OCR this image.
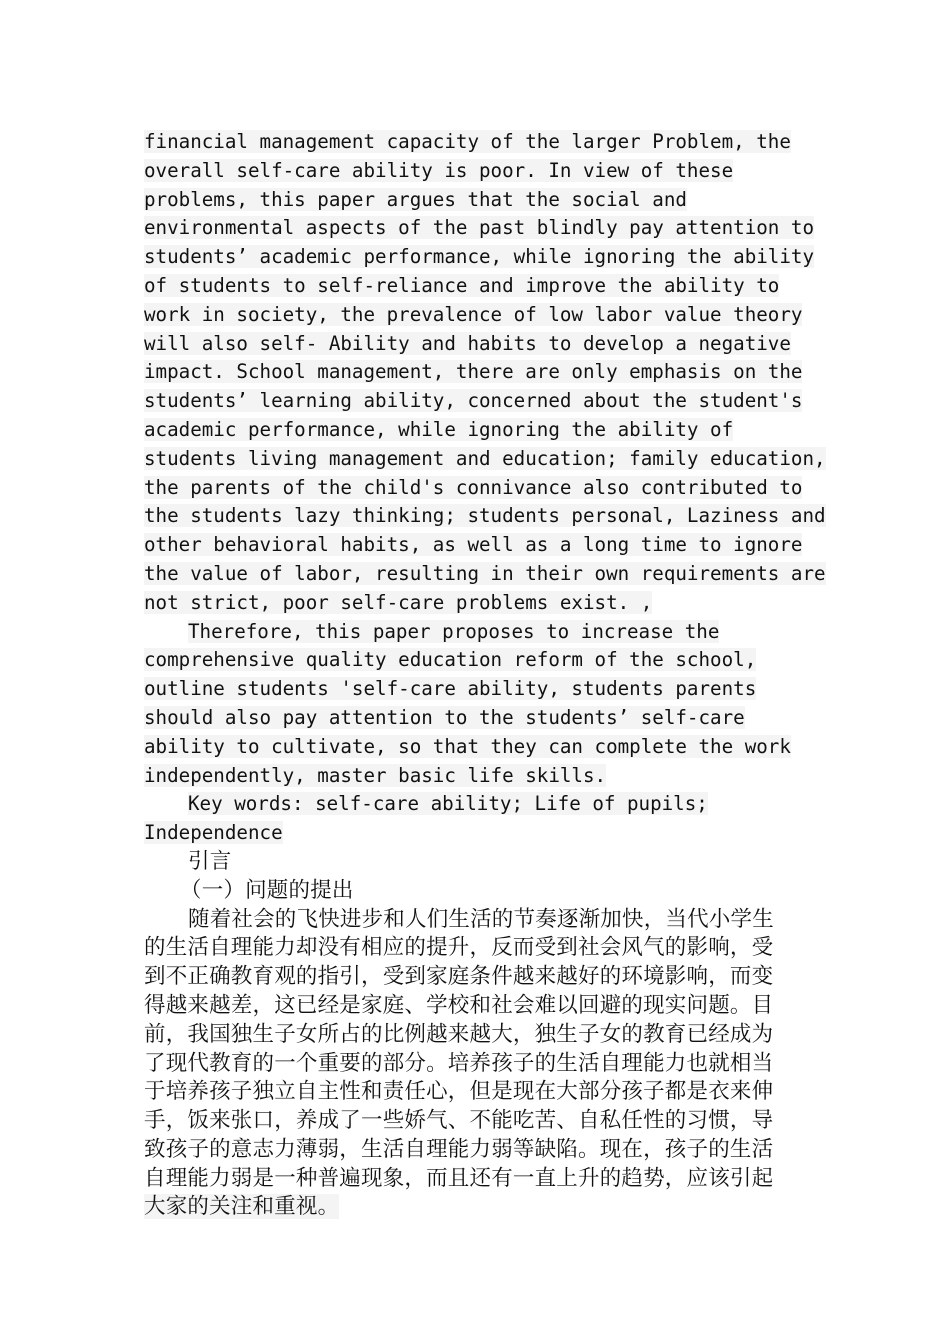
financial management capacity of the larger Problem, the
overall self-care ability is poor. In view of these
problems, this paper argues that the social and
environmental aspects of the past blindly pay attention to
students’ academic performance, while ignoring the ability
of students to self-reliance and improve the ability to
work in society, the prevalence of low labor value theory
will also self- Ability and habits to develop a negative
impact. School management, there are only emphasis on the
students’ learning ability, concerned about the student's
academic performance, while ignoring the ability of
students living management and education; family education,
the parents of the child's connivance also contributed to
the students lazy thinking; students personal, Laziness and
other behavioral habits, as well as a long time to ignore
the value of labor, resulting in their own requirements are
not strict, poor self-care problems exist. ,
Therefore, this paper proposes to increase the
comprehensive quality education reform of the school,
outline students 'self-care ability, students parents
should also pay attention to the students’ self-care
ability to cultivate, so that they can complete the work
independently, master basic life skills.
Key words: self-care ability; Life of pupils;
Independence
引言
（一）问题的提出
随着社会的飞快进步和人们生活的节奏逐渐加快，当代小学生
的生活自理能力却没有相应的提升，反而受到社会风气的影响，受
到不正确教育观的指引，受到家庭条件越来越好的环境影响，而变
得越来越差，这已经是家庭、学校和社会难以回避的现实问题。目
前，我国独生子女所占的比例越来越大，独生子女的教育已经成为
了现代教育的一个重要的部分。培养孩子的生活自理能力也就相当
于培养孩子独立自主性和责任心，但是现在大部分孩子都是衣来伸
手，饭来张口，养成了一些娇气、不能吃苦、自私任性的习惯，导
致孩子的意志力薄弱，生活自理能力弱等缺陷。现在，孩子的生活
自理能力弱是一种普遍现象，而且还有一直上升的趋势，应该引起
大家的关注和重视。
